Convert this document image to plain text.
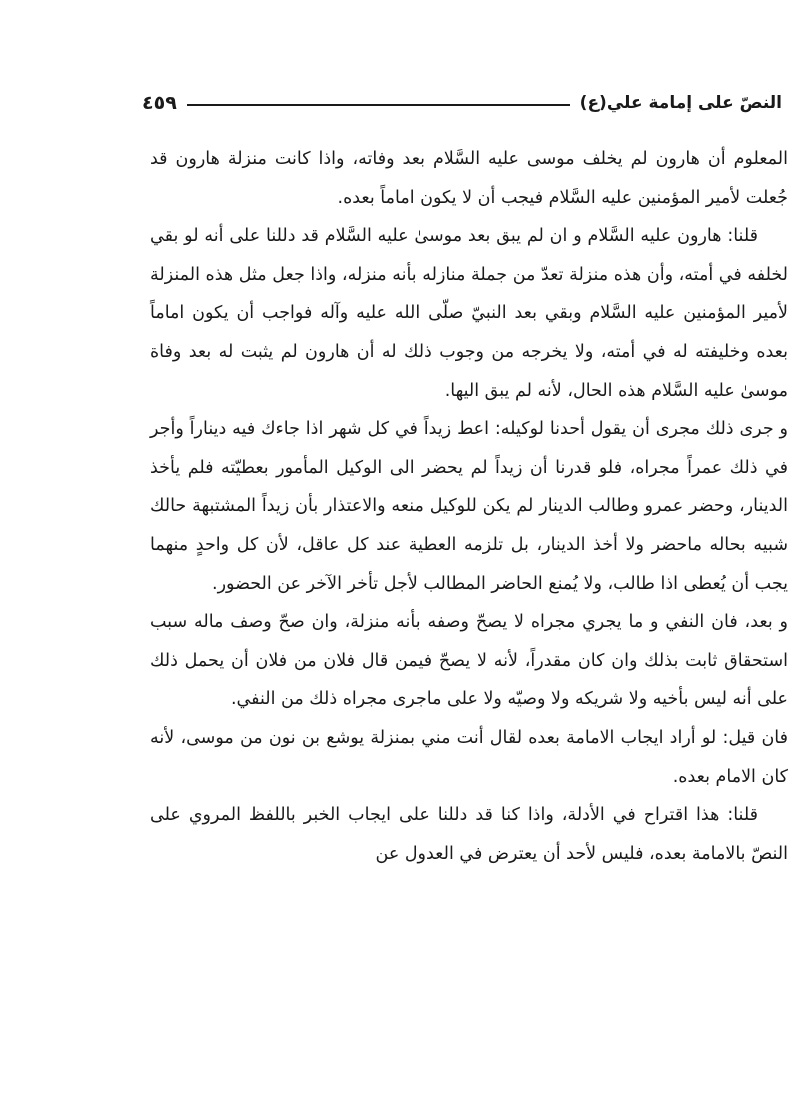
النصّ على إمامة علي(ع)
٤٥٩

المعلوم أن هارون لم يخلف موسى عليه السَّلام بعد وفاته، واذا كانت منزلة هارون قد جُعلت لأمير المؤمنين عليه السَّلام فيجب أن لا يكون اماماً بعده.

قلنا: هارون عليه السَّلام و ان لم يبق بعد موسىٰ عليه السَّلام قد دللنا على أنه لو بقي لخلفه في أمته، وأن هذه منزلة تعدّ من جملة منازله بأنه منزله، واذا جعل مثل هذه المنزلة لأمير المؤمنين عليه السَّلام وبقي بعد النبيّ صلّى الله عليه وآله فواجب أن يكون اماماً بعده وخليفته له في أمته، ولا يخرجه من وجوب ذلك له أن هارون لم يثبت له بعد وفاة موسىٰ عليه السَّلام هذه الحال، لأنه لم يبق اليها.

و جرى ذلك مجرى أن يقول أحدنا لوكيله: اعط زيداً في كل شهر اذا جاءك فيه ديناراً وأجر في ذلك عمراً مجراه، فلو قدرنا أن زيداً لم يحضر الى الوكيل المأمور بعطيّته فلم يأخذ الدينار، وحضر عمرو وطالب الدينار لم يكن للوكيل منعه والاعتذار بأن زيداً المشتبهة حالك شبيه بحاله ماحضر ولا أخذ الدينار، بل تلزمه العطية عند كل عاقل، لأن كل واحدٍ منهما يجب أن يُعطى اذا طالب، ولا يُمنع الحاضر المطالب لأجل تأخر الآخر عن الحضور.

و بعد، فان النفي و ما يجري مجراه لا يصحّ وصفه بأنه منزلة، وان صحّ وصف ماله سبب استحقاق ثابت بذلك وان كان مقدراً، لأنه لا يصحّ فيمن قال فلان من فلان أن يحمل ذلك على أنه ليس بأخيه ولا شريكه ولا وصيّه ولا على ماجرى مجراه ذلك من النفي.

فان قيل: لو أراد ايجاب الامامة بعده لقال أنت مني بمنزلة يوشع بن نون من موسى، لأنه كان الامام بعده.

قلنا: هذا اقتراح في الأدلة، واذا كنا قد دللنا على ايجاب الخبر باللفظ المروي على النصّ بالامامة بعده، فليس لأحد أن يعترض في العدول عن
